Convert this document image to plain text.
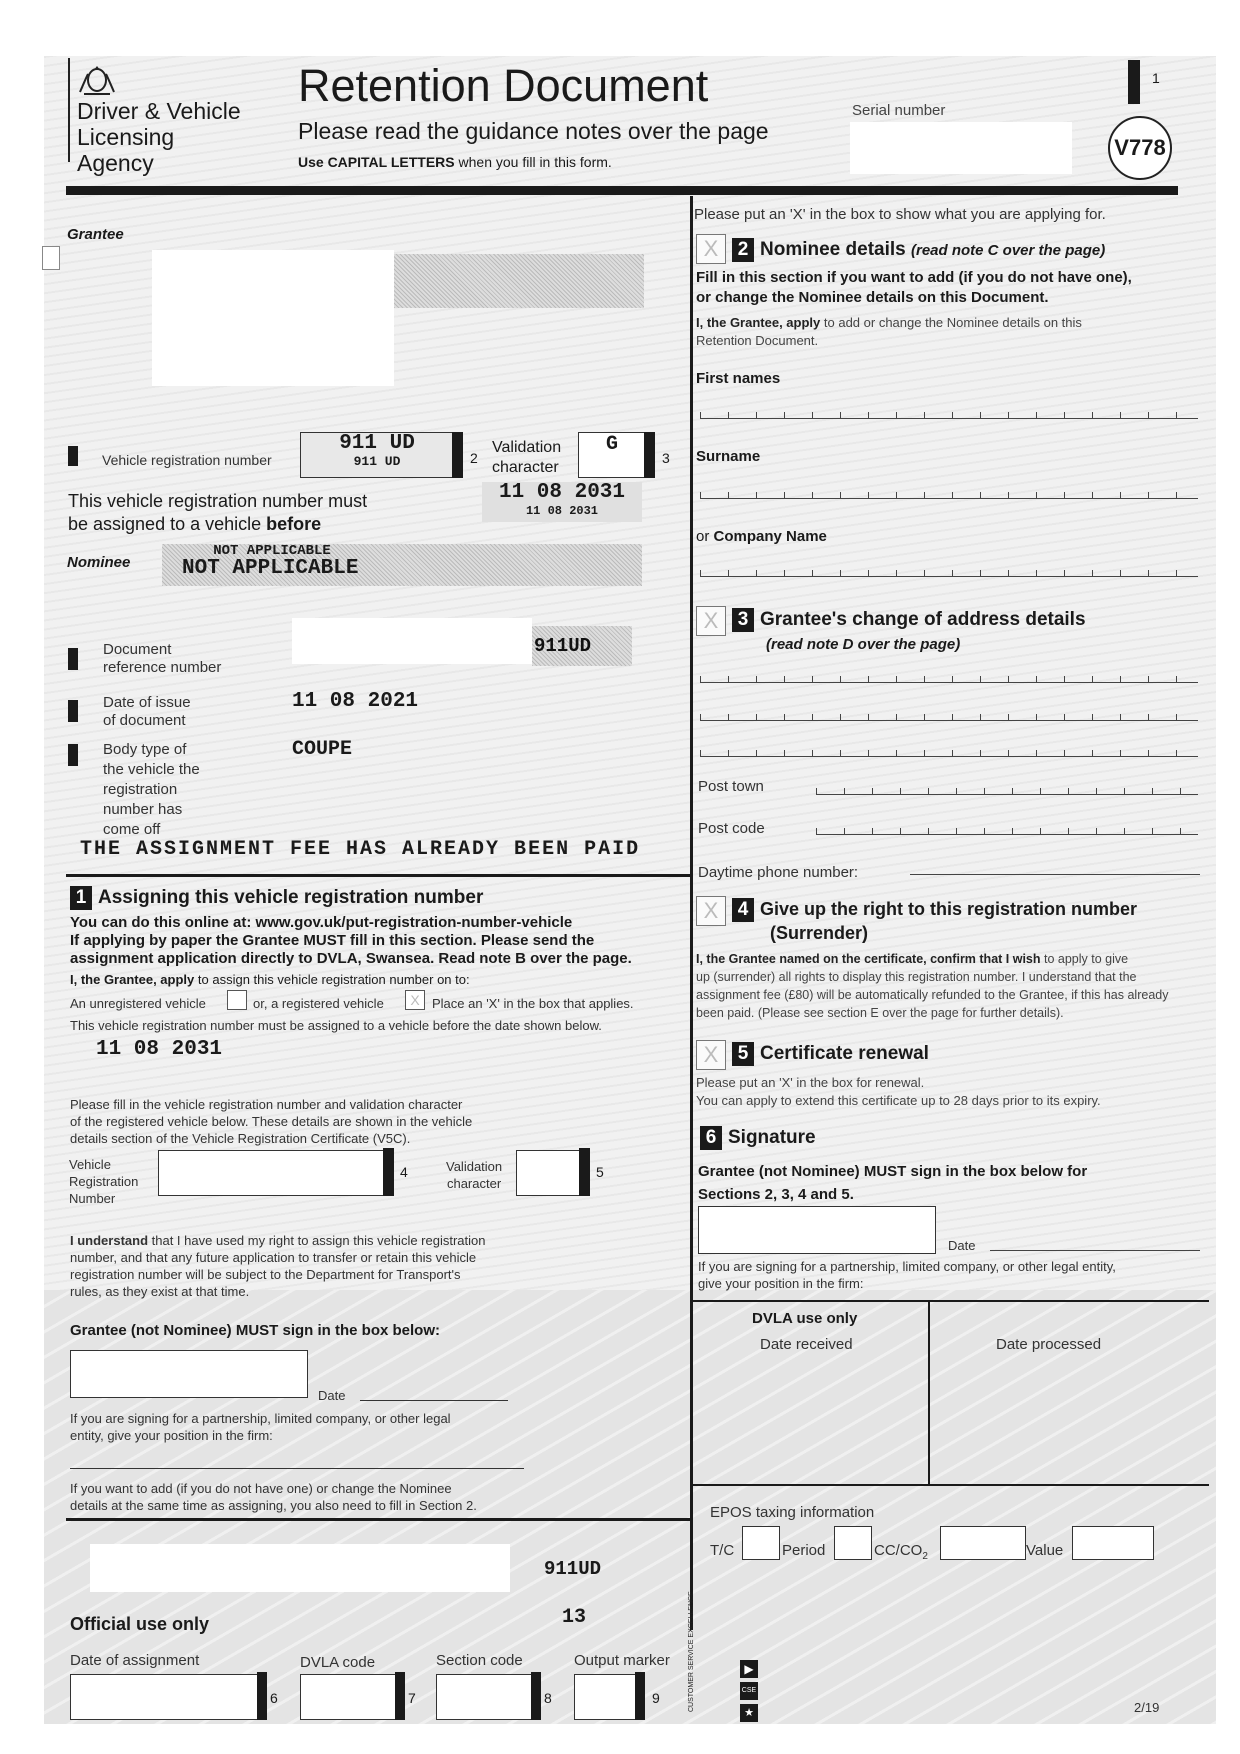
Driver & Vehicle
Licensing
Agency
Retention Document
Please read the guidance notes over the page
Use CAPITAL LETTERS when you fill in this form.
Serial number
1
V778
Grantee
Vehicle registration number
911 UD
911 UD	2
Validation
character
G
3
This vehicle registration number must
be assigned to a vehicle before
11 08 2031
11 08 2031
Nominee
NOT APPLICABLE
NOT APPLICABLE
911UD
Document
reference number
Date of issue
of document
11 08 2021
Body type of
the vehicle the
registration
number has
come off
COUPE
THE ASSIGNMENT FEE HAS ALREADY BEEN PAID
1 Assigning this vehicle registration number
You can do this online at: www.gov.uk/put-registration-number-vehicle
If applying by paper the Grantee MUST fill in this section. Please send the
assignment application directly to DVLA, Swansea. Read note B over the page.
I, the Grantee, apply to assign this vehicle registration number on to:
An unregistered vehicle	or, a registered vehicle	X Place an 'X' in the box that applies.
This vehicle registration number must be assigned to a vehicle before the date shown below.
11 08 2031
Please fill in the vehicle registration number and validation character
of the registered vehicle below. These details are shown in the vehicle
details section of the Vehicle Registration Certificate (V5C).
Vehicle
Registration
Number
4	Validation
character
5
I understand that I have used my right to assign this vehicle registration
number, and that any future application to transfer or retain this vehicle
registration number will be subject to the Department for Transport's
rules, as they exist at that time.
Grantee (not Nominee) MUST sign in the box below:
Date
If you are signing for a partnership, limited company, or other legal
entity, give your position in the firm:
If you want to add (if you do not have one) or change the Nominee
details at the same time as assigning, you also need to fill in Section 2.
911UD
13
Official use only
Date of assignment
6
DVLA code
7
Section code
8
Output marker
9
Please put an 'X' in the box to show what you are applying for.
X	2 Nominee details (read note C over the page)
Fill in this section if you want to add (if you do not have one),
or change the Nominee details on this Document.
I, the Grantee, apply to add or change the Nominee details on this
Retention Document.
First names
Surname
or Company Name
X	3 Grantee's change of address details
(read note D over the page)
Post town
Post code
Daytime phone number:
X	4 Give up the right to this registration number
(Surrender)
I, the Grantee named on the certificate, confirm that I wish to apply to give
up (surrender) all rights to display this registration number. I understand that the
assignment fee (£80) will be automatically refunded to the Grantee, if this has already
been paid. (Please see section E over the page for further details).
X	5 Certificate renewal
Please put an 'X' in the box for renewal.
You can apply to extend this certificate up to 28 days prior to its expiry.
6 Signature
Grantee (not Nominee) MUST sign in the box below for
Sections 2, 3, 4 and 5.
Date
If you are signing for a partnership, limited company, or other legal entity,
give your position in the firm:
DVLA use only
Date received	Date processed
EPOS taxing information
T/C	Period	$CC/CO_2$	Value
▶
CSE
★	2/19
